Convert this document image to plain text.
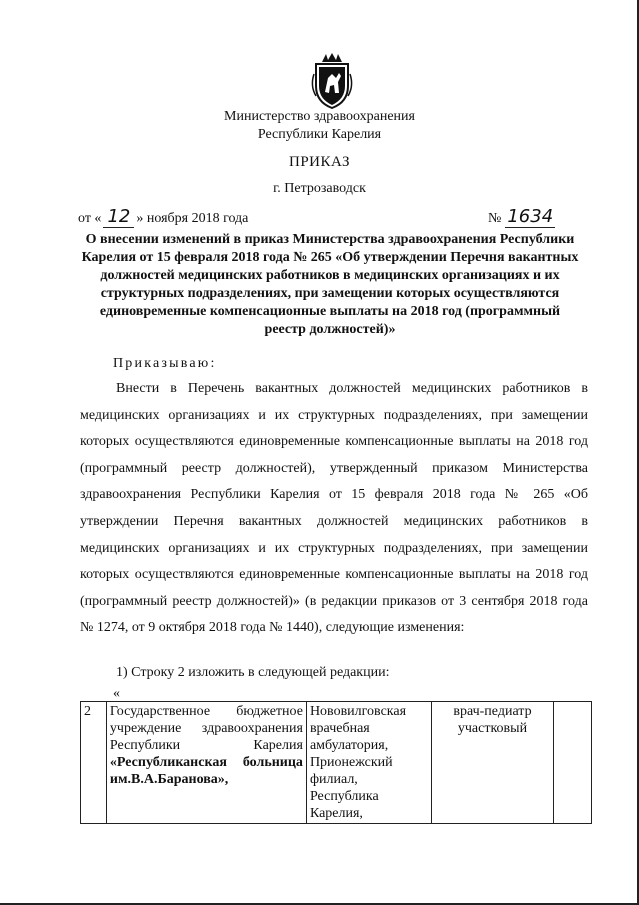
Министерство здравоохранения
Республики Карелия
ПРИКАЗ
г. Петрозаводск
от « 12 » ноября 2018 года	№ 1634
О внесении изменений в приказ Министерства здравоохранения Республики Карелия от 15 февраля 2018 года № 265 «Об утверждении Перечня вакантных должностей медицинских работников в медицинских организациях и их структурных подразделениях, при замещении которых осуществляются единовременные компенсационные выплаты на 2018 год (программный реестр должностей)»
Приказываю:
Внести в Перечень вакантных должностей медицинских работников в медицинских организациях и их структурных подразделениях, при замещении которых осуществляются единовременные компенсационные выплаты на 2018 год (программный реестр должностей), утвержденный приказом Министерства здравоохранения Республики Карелия от 15 февраля 2018 года № 265 «Об утверждении Перечня вакантных должностей медицинских работников в медицинских организациях и их структурных подразделениях, при замещении которых осуществляются единовременные компенсационные выплаты на 2018 год (программный реестр должностей)» (в редакции приказов от 3 сентября 2018 года № 1274, от 9 октября 2018 года № 1440), следующие изменения:
1) Строку 2 изложить в следующей редакции:
«
2	Государственное бюджетное учреждение здравоохранения Республики Карелия «Республиканская больница им.В.А.Баранова»,	Нововилговская врачебная амбулатория, Прионежский филиал, Республика Карелия,	врач-педиатр участковый	
